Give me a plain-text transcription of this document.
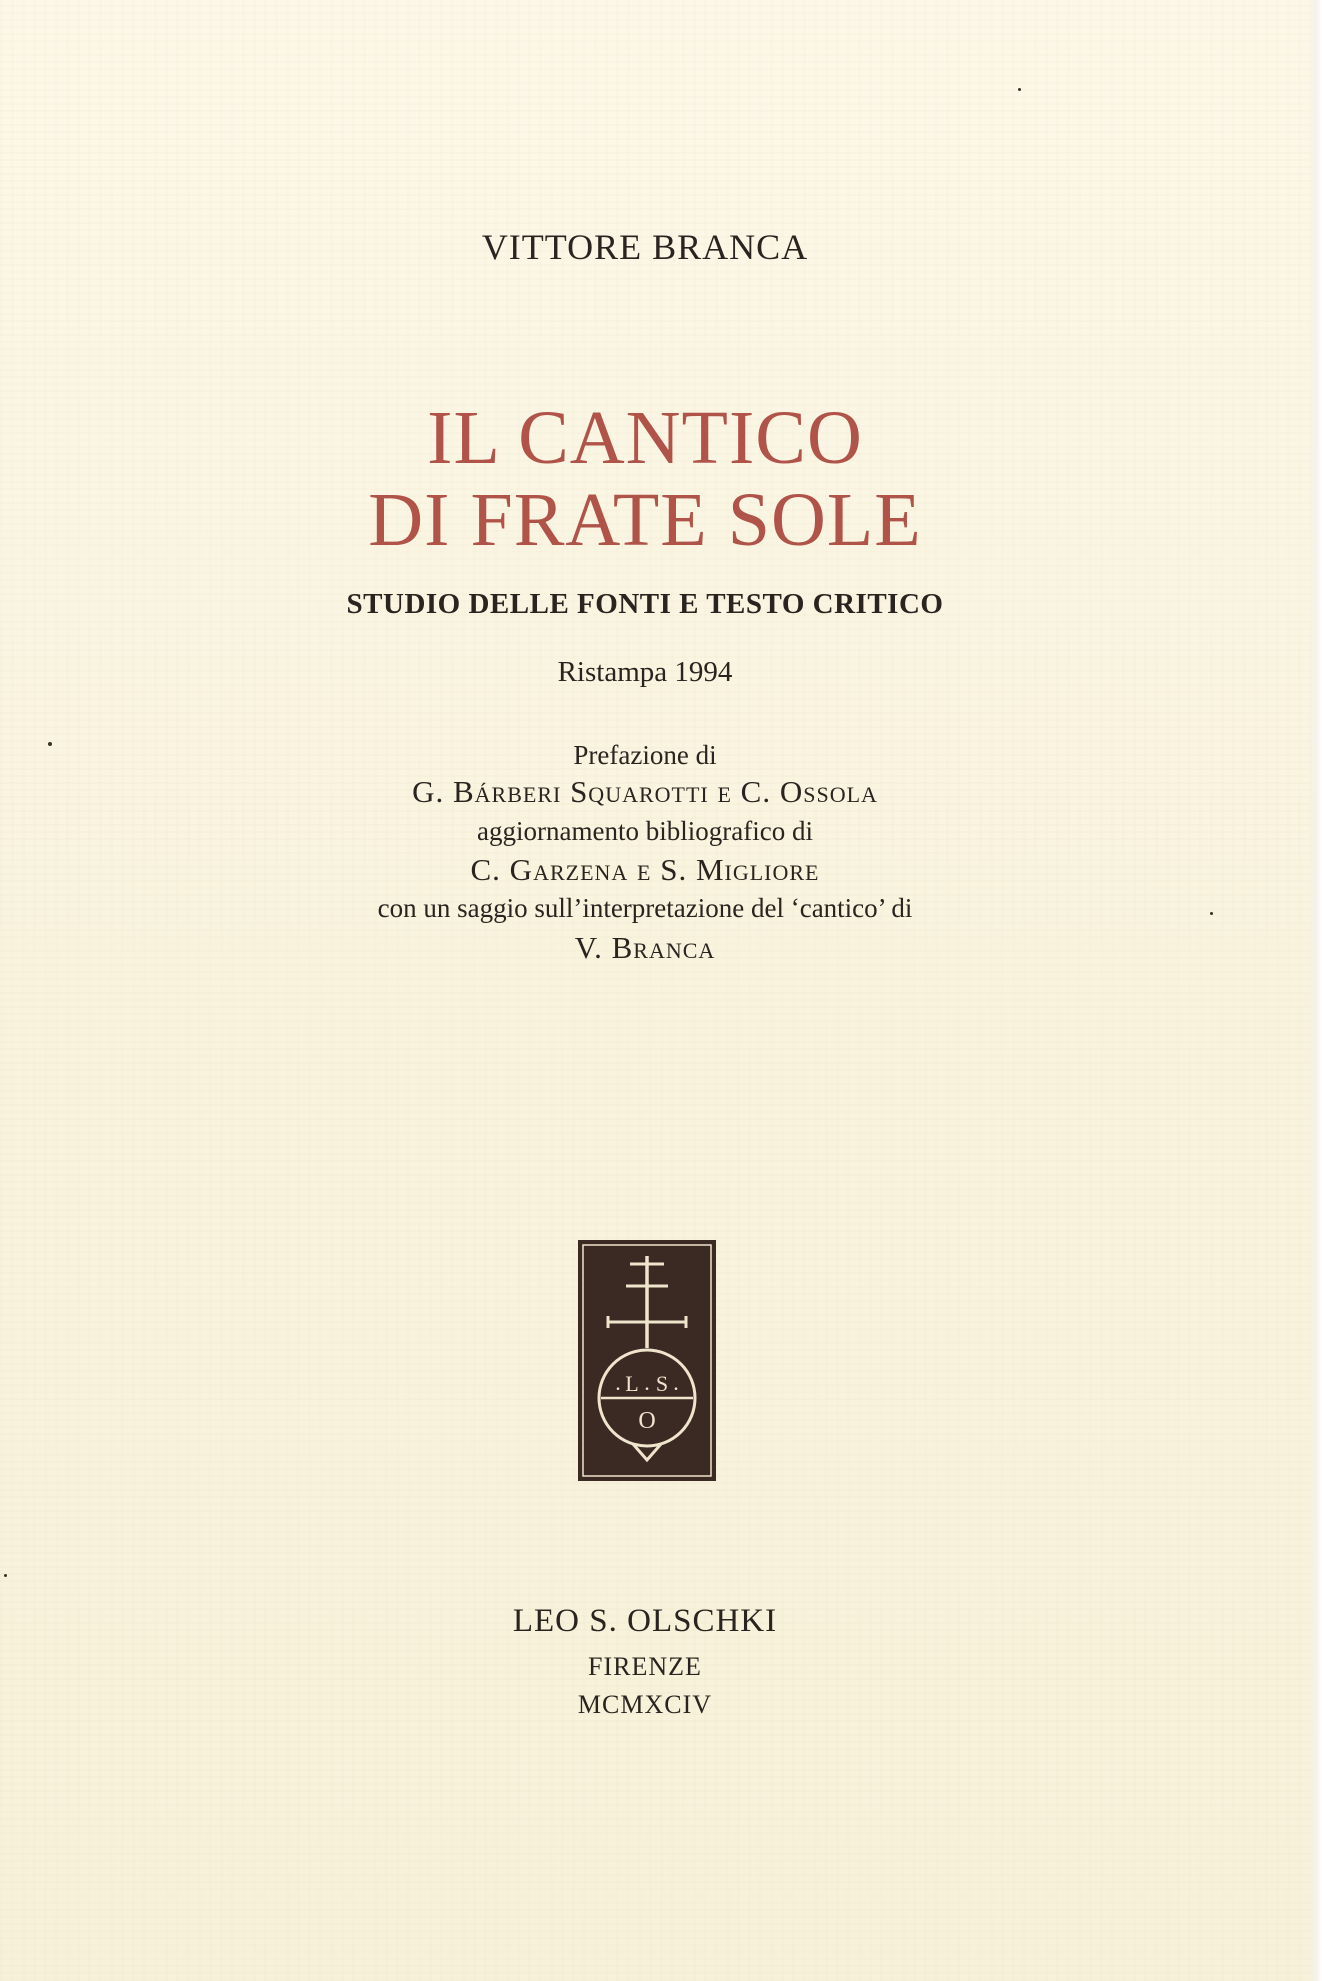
VITTORE BRANCA
IL CANTICO
DI FRATE SOLE
STUDIO DELLE FONTI E TESTO CRITICO
Ristampa 1994
Prefazione di
G. Bárberi Squarotti e C. Ossola
aggiornamento bibliografico di
C. Garzena e S. Migliore
con un saggio sull’interpretazione del ‘cantico’ di
V. Branca
. L . S .
O
LEO S. OLSCHKI
FIRENZE
MCMXCIV
